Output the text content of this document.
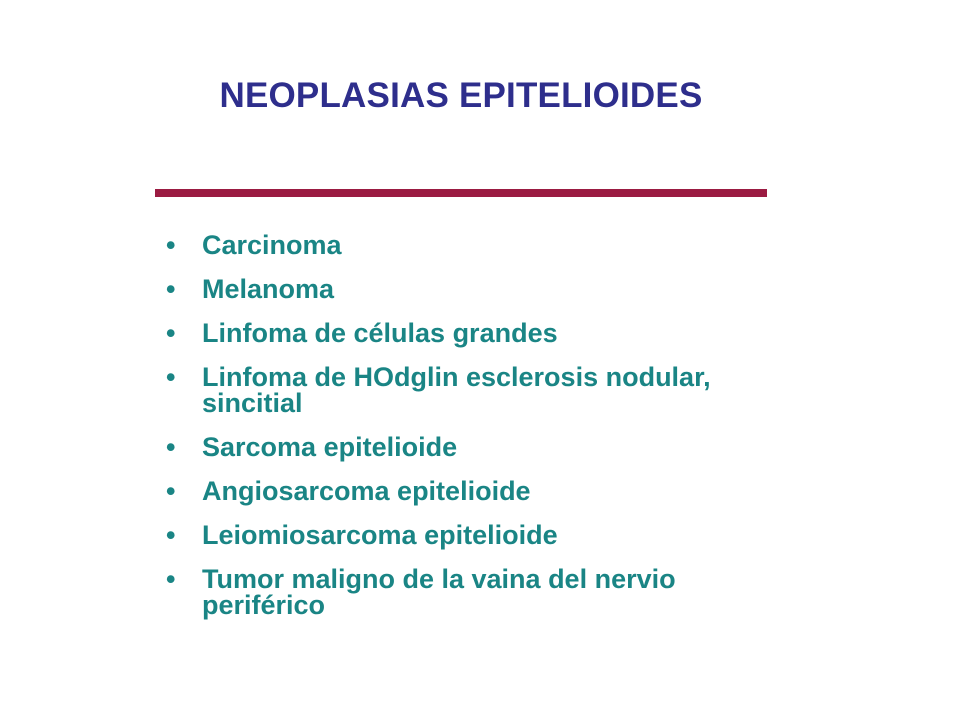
NEOPLASIAS EPITELIOIDES
• Carcinoma
• Melanoma
• Linfoma de células grandes
• Linfoma de HOdglin esclerosis nodular, sincitial
• Sarcoma epitelioide
• Angiosarcoma epitelioide
• Leiomiosarcoma epitelioide
• Tumor maligno de la vaina del nervio periférico
